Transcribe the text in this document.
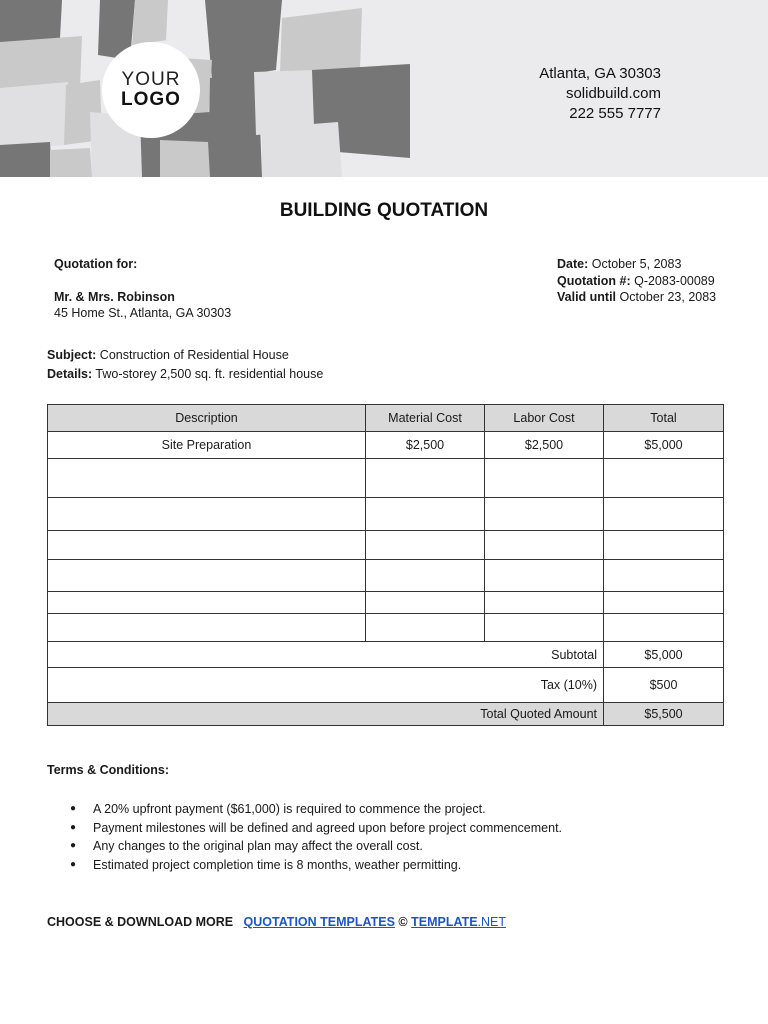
YOUR
LOGO
Atlanta, GA 30303
solidbuild.com
222 555 7777
BUILDING QUOTATION
Quotation for:
Mr. & Mrs. Robinson
45 Home St., Atlanta, GA 30303
Date: October 5, 2083
Quotation #: Q-2083-00089
Valid until October 23, 2083
Subject: Construction of Residential House
Details: Two-storey 2,500 sq. ft. residential house
Description	Material Cost	Labor Cost	Total
Site Preparation	$2,500	$2,500	$5,000

Subtotal			$5,000
Tax (10%)			$500
Total Quoted Amount			$5,500
Terms & Conditions:
● A 20% upfront payment ($61,000) is required to commence the project.
● Payment milestones will be defined and agreed upon before project commencement.
● Any changes to the original plan may affect the overall cost.
● Estimated project completion time is 8 months, weather permitting.
CHOOSE & DOWNLOAD MORE QUOTATION TEMPLATES © TEMPLATE.NET
